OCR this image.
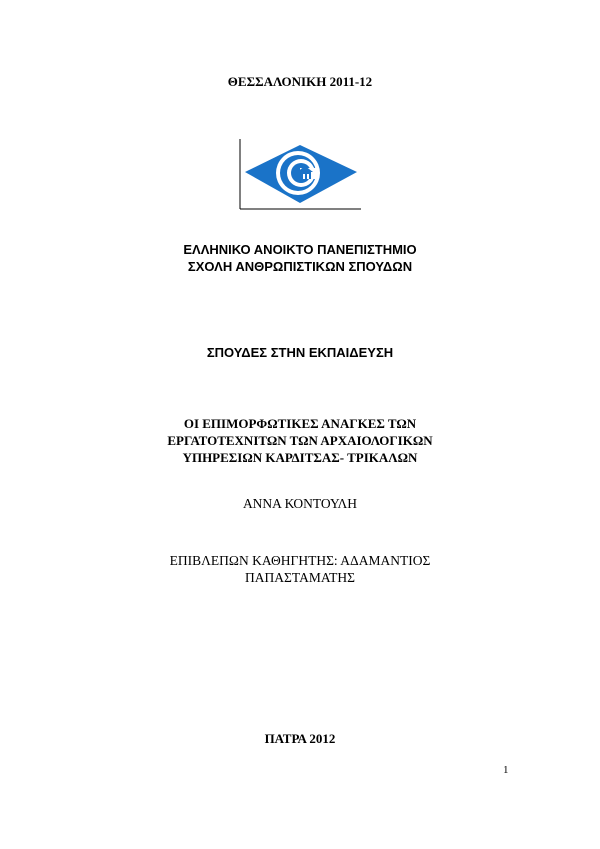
ΘΕΣΣΑΛΟΝΙΚΗ 2011-12
ΕΛΛΗΝΙΚΟ ΑΝΟΙΚΤΟ ΠΑΝΕΠΙΣΤΗΜΙΟ
ΣΧΟΛΗ ΑΝΘΡΩΠΙΣΤΙΚΩΝ ΣΠΟΥΔΩΝ
ΣΠΟΥΔΕΣ ΣΤΗΝ ΕΚΠΑΙΔΕΥΣΗ
ΟΙ ΕΠΙΜΟΡΦΩΤΙΚΕΣ ΑΝΑΓΚΕΣ ΤΩΝ
ΕΡΓΑΤΟΤΕΧΝΙΤΩΝ ΤΩΝ ΑΡΧΑΙΟΛΟΓΙΚΩΝ
ΥΠΗΡΕΣΙΩΝ ΚΑΡΔΙΤΣΑΣ- ΤΡΙΚΑΛΩΝ
ΑΝΝΑ ΚΟΝΤΟΥΛΗ
ΕΠΙΒΛΕΠΩΝ ΚΑΘΗΓΗΤΗΣ: ΑΔΑΜΑΝΤΙΟΣ
ΠΑΠΑΣΤΑΜΑΤΗΣ
ΠΑΤΡΑ 2012
1
